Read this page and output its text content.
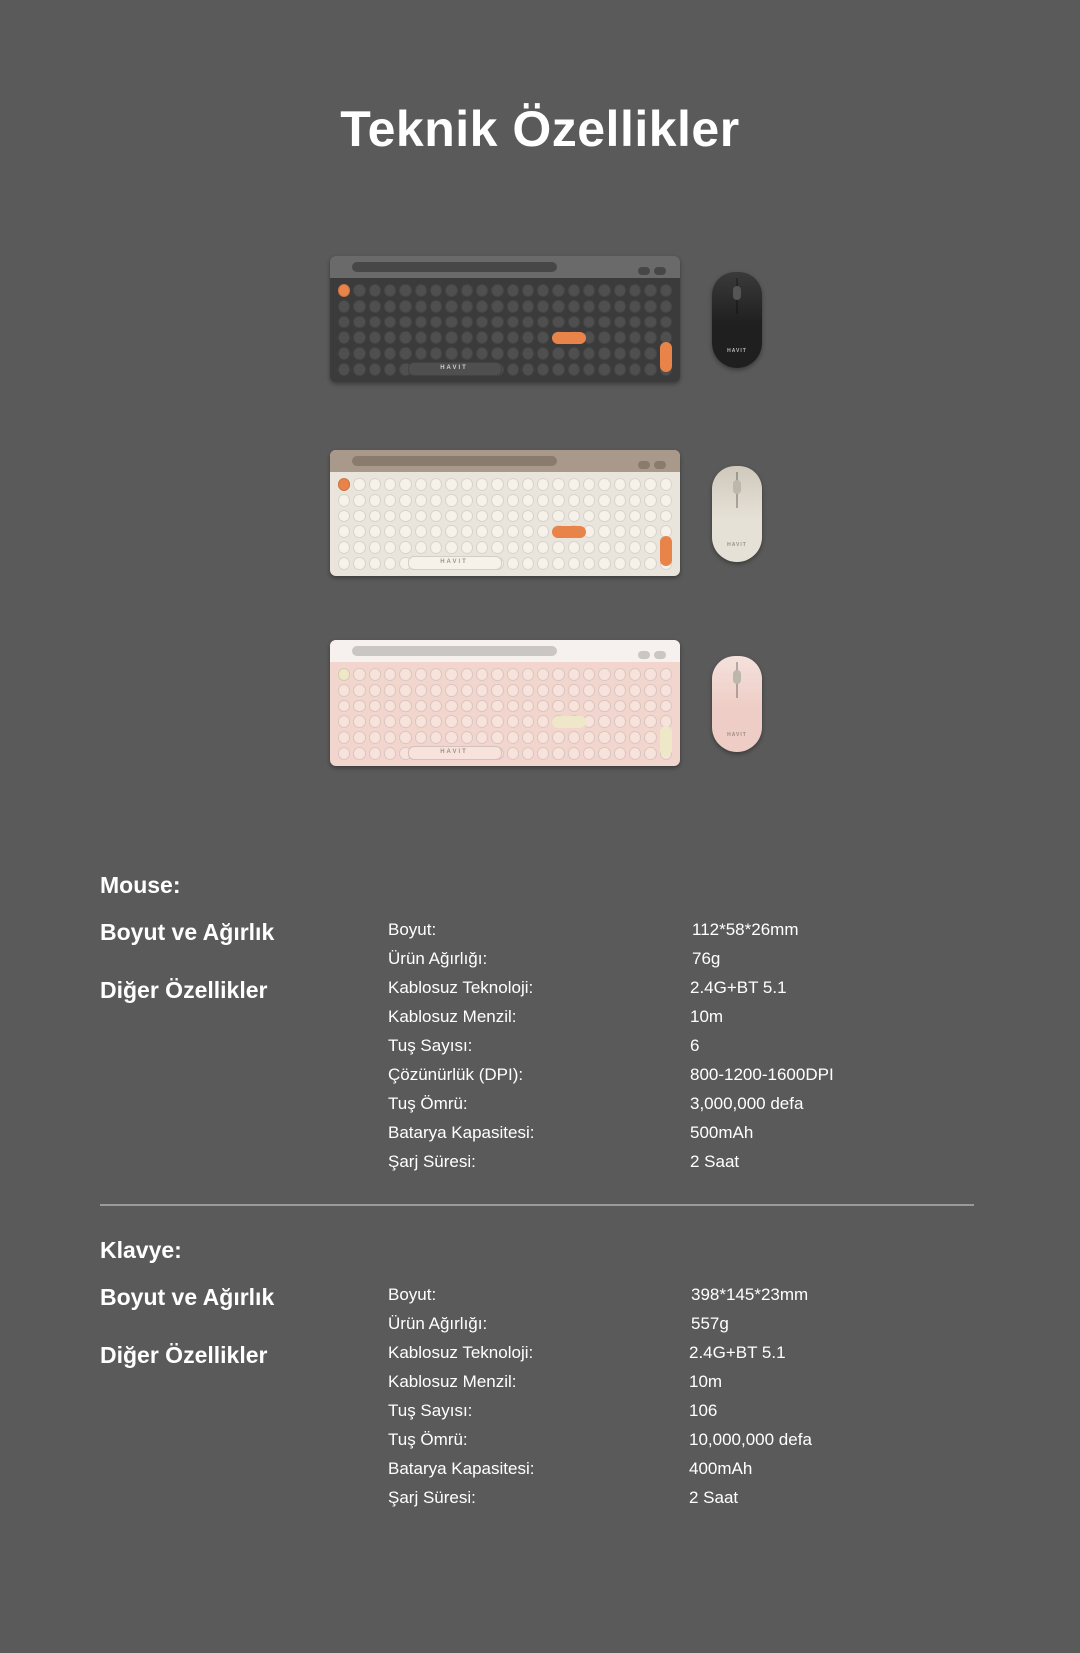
Teknik Özellikler
HAVIT
HAVIT
HAVIT
HAVIT
HAVIT
HAVIT
Mouse:
Boyut ve Ağırlık
Diğer Özellikler
Boyut:	112*58*26mm
Ürün Ağırlığı:	76g
Kablosuz Teknoloji:	2.4G+BT 5.1
Kablosuz Menzil:	10m
Tuş Sayısı:	6
Çözünürlük (DPI):	800-1200-1600DPI
Tuş Ömrü:	3,000,000 defa
Batarya Kapasitesi:	500mAh
Şarj Süresi:	2 Saat
Klavye:
Boyut ve Ağırlık
Diğer Özellikler
Boyut:	398*145*23mm
Ürün Ağırlığı:	557g
Kablosuz Teknoloji:	2.4G+BT 5.1
Kablosuz Menzil:	10m
Tuş Sayısı:	106
Tuş Ömrü:	10,000,000 defa
Batarya Kapasitesi:	400mAh
Şarj Süresi:	2 Saat
